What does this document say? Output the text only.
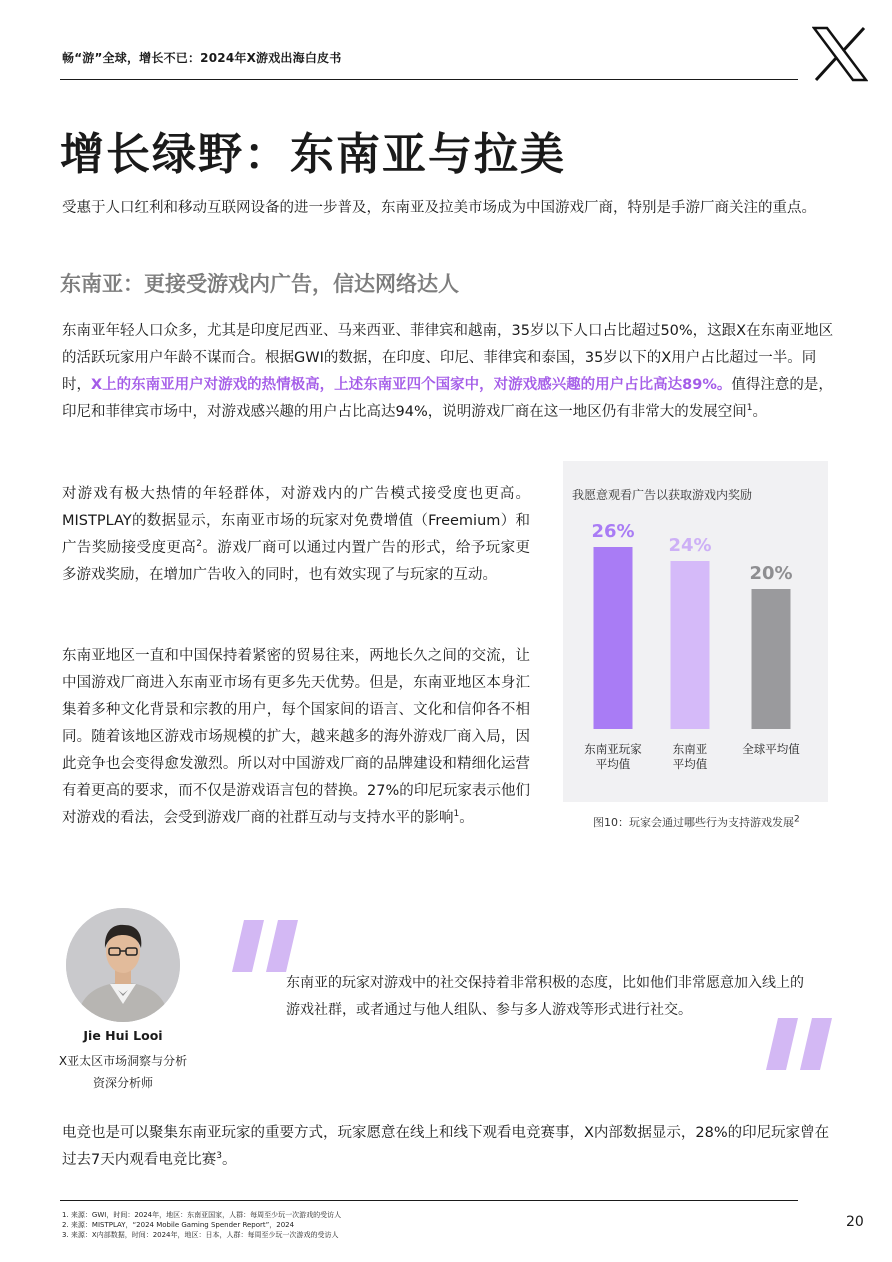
畅“游”全球，增长不已：2024年X游戏出海白皮书
增长绿野：东南亚与拉美
受惠于人口红利和移动互联网设备的进一步普及，东南亚及拉美市场成为中国游戏厂商，特别是手游厂商关注的重点。
东南亚：更接受游戏内广告，信达网络达人
东南亚年轻人口众多，尤其是印度尼西亚、马来西亚、菲律宾和越南，35岁以下人口占比超过50%，这跟X在东南亚地区的活跃玩家用户年龄不谋而合。根据GWI的数据，在印度、印尼、菲律宾和泰国，35岁以下的X用户占比超过一半。同时，X上的东南亚用户对游戏的热情极高，上述东南亚四个国家中，对游戏感兴趣的用户占比高达89%。值得注意的是，印尼和菲律宾市场中，对游戏感兴趣的用户占比高达94%，说明游戏厂商在这一地区仍有非常大的发展空间$^1$。
对游戏有极大热情的年轻群体，对游戏内的广告模式接受度也更高。MISTPLAY的数据显示，东南亚市场的玩家对免费增值（Freemium）和广告奖励接受度更高$^2$。游戏厂商可以通过内置广告的形式，给予玩家更多游戏奖励，在增加广告收入的同时，也有效实现了与玩家的互动。
东南亚地区一直和中国保持着紧密的贸易往来，两地长久之间的交流，让中国游戏厂商进入东南亚市场有更多先天优势。但是，东南亚地区本身汇集着多种文化背景和宗教的用户，每个国家间的语言、文化和信仰各不相同。随着该地区游戏市场规模的扩大，越来越多的海外游戏厂商入局，因此竞争也会变得愈发激烈。所以对中国游戏厂商的品牌建设和精细化运营有着更高的要求，而不仅是游戏语言包的替换。27%的印尼玩家表示他们对游戏的看法，会受到游戏厂商的社群互动与支持水平的影响$^1$。
我愿意观看广告以获取游戏内奖励
26%
东南亚玩家
平均值
24%
东南亚
平均值
20%
全球平均值
图10：玩家会通过哪些行为支持游戏发展$^2$
Jie Hui Looi
X亚太区市场洞察与分析
资深分析师
东南亚的玩家对游戏中的社交保持着非常积极的态度，比如他们非常愿意加入线上的游戏社群，或者通过与他人组队、参与多人游戏等形式进行社交。
电竞也是可以聚集东南亚玩家的重要方式，玩家愿意在线上和线下观看电竞赛事，X内部数据显示，28%的印尼玩家曾在过去7天内观看电竞比赛$^3$。
1. 来源：GWI，时间：2024年，地区：东南亚国家，人群：每周至少玩一次游戏的受访人
2. 来源：MISTPLAY，“2024 Mobile Gaming Spender Report”，2024
3. 来源：X内部数据，时间：2024年，地区：日本，人群：每周至少玩一次游戏的受访人
20
